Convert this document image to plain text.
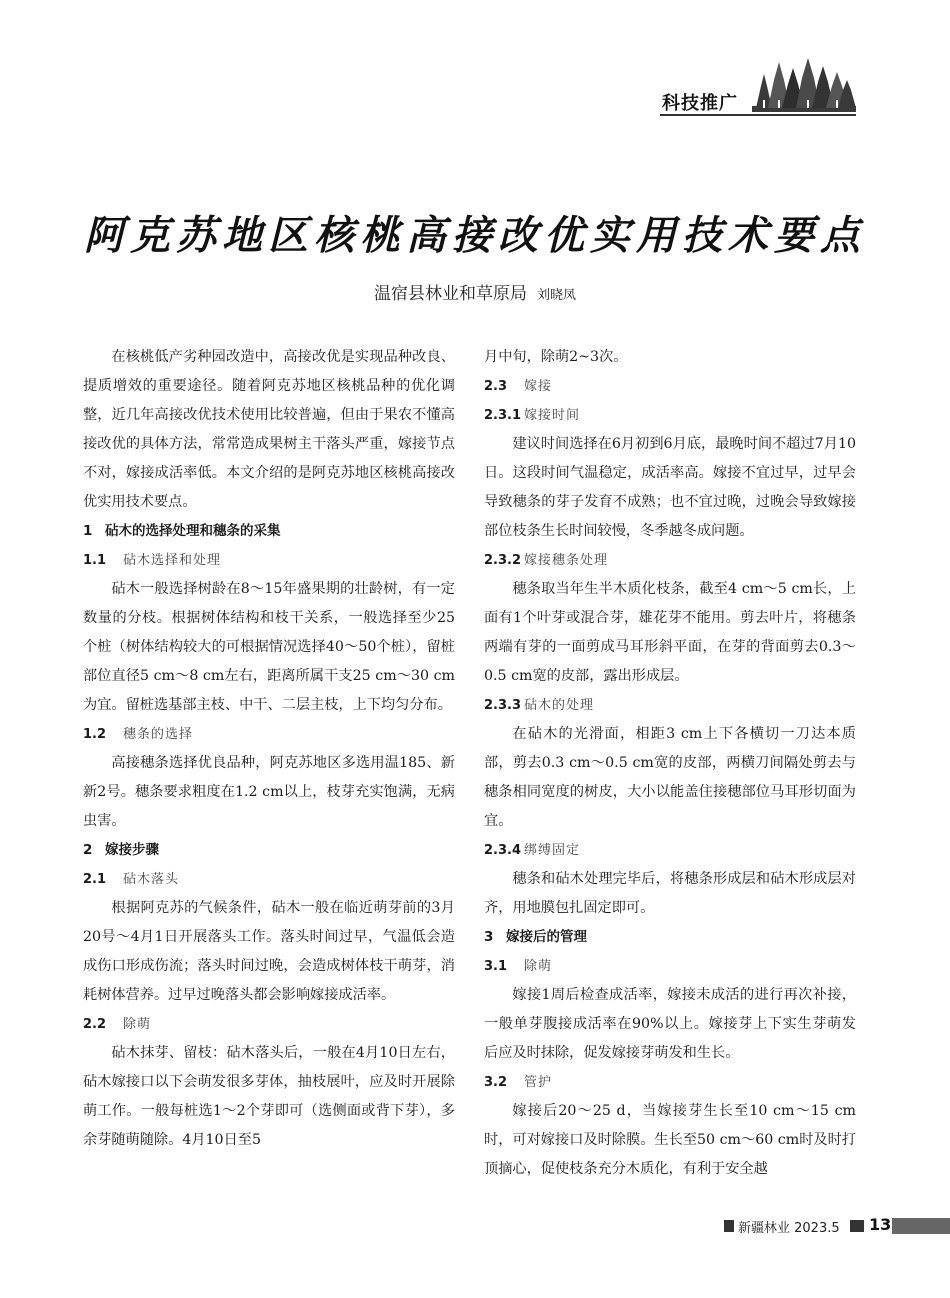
科技推广
阿克苏地区核桃高接改优实用技术要点
温宿县林业和草原局 刘晓凤

在核桃低产劣种园改造中，高接改优是实现品种改良、提质增效的重要途径。随着阿克苏地区核桃品种的优化调整，近几年高接改优技术使用比较普遍，但由于果农不懂高接改优的具体方法，常常造成果树主干落头严重，嫁接节点不对，嫁接成活率低。本文介绍的是阿克苏地区核桃高接改优实用技术要点。

1 砧木的选择处理和穗条的采集
1.1 砧木选择和处理

砧木一般选择树龄在8～15年盛果期的壮龄树，有一定数量的分枝。根据树体结构和枝干关系，一般选择至少25个桩（树体结构较大的可根据情况选择40～50个桩），留桩部位直径5 cm～8 cm左右，距离所属干支25 cm～30 cm为宜。留桩选基部主枝、中干、二层主枝，上下均匀分布。

1.2 穗条的选择

高接穗条选择优良品种，阿克苏地区多选用温185、新新2号。穗条要求粗度在1.2 cm以上，枝芽充实饱满，无病虫害。

2 嫁接步骤
2.1 砧木落头

根据阿克苏的气候条件，砧木一般在临近萌芽前的3月20号～4月1日开展落头工作。落头时间过早，气温低会造成伤口形成伤流；落头时间过晚，会造成树体枝干萌芽，消耗树体营养。过早过晚落头都会影响嫁接成活率。

2.2 除萌

砧木抹芽、留枝：砧木落头后，一般在4月10日左右，砧木嫁接口以下会萌发很多芽体，抽枝展叶，应及时开展除萌工作。一般每桩选1～2个芽即可（选侧面或背下芽），多余芽随萌随除。4月10日至5

月中旬，除萌2~3次。

2.3 嫁接
2.3.1 嫁接时间

建议时间选择在6月初到6月底，最晚时间不超过7月10日。这段时间气温稳定，成活率高。嫁接不宜过早，过早会导致穗条的芽子发育不成熟；也不宜过晚，过晚会导致嫁接部位枝条生长时间较慢，冬季越冬成问题。

2.3.2 嫁接穗条处理

穗条取当年生半木质化枝条，截至4 cm～5 cm长，上面有1个叶芽或混合芽，雄花芽不能用。剪去叶片，将穗条两端有芽的一面剪成马耳形斜平面，在芽的背面剪去0.3～0.5 cm宽的皮部，露出形成层。

2.3.3 砧木的处理

在砧木的光滑面，相距3 cm上下各横切一刀达本质部，剪去0.3 cm～0.5 cm宽的皮部，两横刀间隔处剪去与穗条相同宽度的树皮，大小以能盖住接穗部位马耳形切面为宜。

2.3.4 绑缚固定

穗条和砧木处理完毕后，将穗条形成层和砧木形成层对齐，用地膜包扎固定即可。

3 嫁接后的管理
3.1 除萌

嫁接1周后检查成活率，嫁接未成活的进行再次补接，一般单芽腹接成活率在90%以上。嫁接芽上下实生芽萌发后应及时抹除，促发嫁接芽萌发和生长。

3.2 管护

嫁接后20～25 d，当嫁接芽生长至10 cm～15 cm时，可对嫁接口及时除膜。生长至50 cm～60 cm时及时打顶摘心，促使枝条充分木质化，有利于安全越

新疆林业 2023.5 13
